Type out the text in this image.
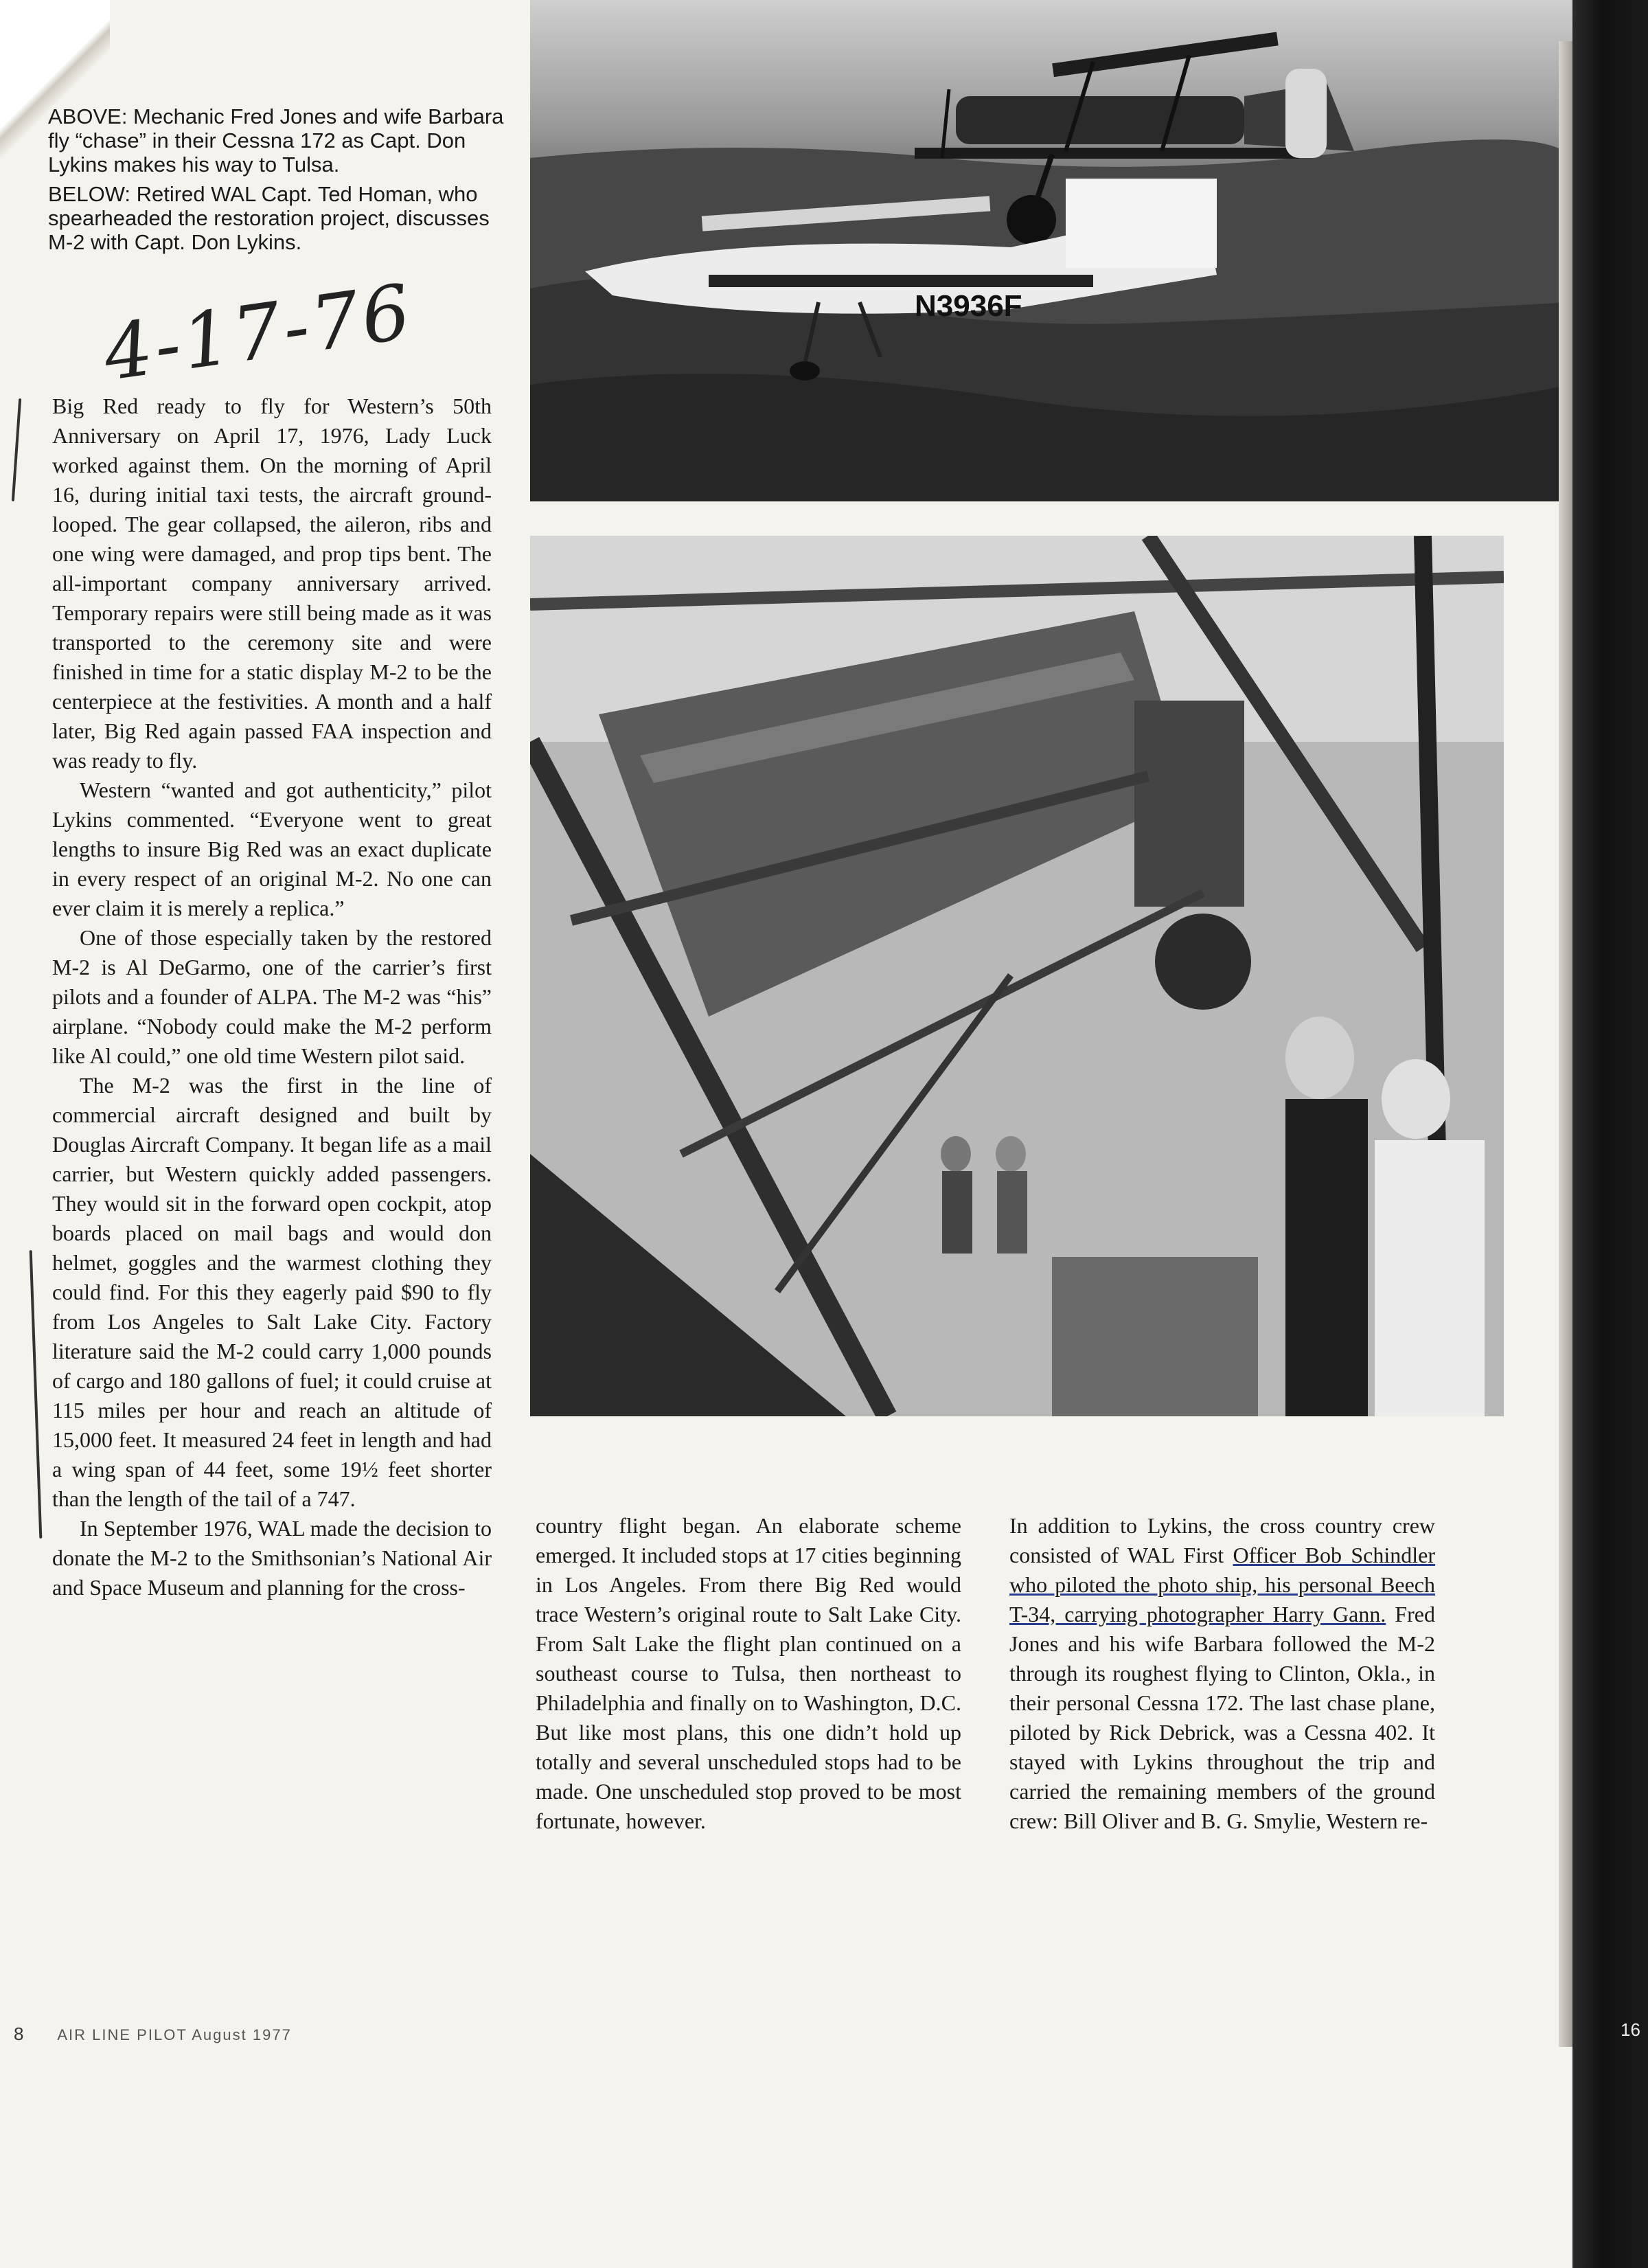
ABOVE: Mechanic Fred Jones and wife Barbara fly “chase” in their Cessna 172 as Capt. Don Lykins makes his way to Tulsa.

BELOW: Retired WAL Capt. Ted Homan, who spearheaded the restoration project, discusses M-2 with Capt. Don Lykins.

4-17-76	N3936F

Big Red ready to fly for Western’s 50th Anniversary on April 17, 1976, Lady Luck worked against them. On the morning of April 16, during initial taxi tests, the aircraft ground-looped. The gear collapsed, the aileron, ribs and one wing were damaged, and prop tips bent. The all-important company anniversary arrived. Temporary repairs were still being made as it was transported to the ceremony site and were finished in time for a static display M-2 to be the centerpiece at the festivities. A month and a half later, Big Red again passed FAA inspection and was ready to fly.

Western “wanted and got authenticity,” pilot Lykins commented. “Everyone went to great lengths to insure Big Red was an exact duplicate in every respect of an original M-2. No one can ever claim it is merely a replica.”

One of those especially taken by the restored M-2 is Al DeGarmo, one of the carrier’s first pilots and a founder of ALPA. The M-2 was “his” airplane. “Nobody could make the M-2 perform like Al could,” one old time Western pilot said.

The M-2 was the first in the line of commercial aircraft designed and built by Douglas Aircraft Company. It began life as a mail carrier, but Western quickly added passengers. They would sit in the forward open cockpit, atop boards placed on mail bags and would don helmet, goggles and the warmest clothing they could find. For this they eagerly paid $90 to fly from Los Angeles to Salt Lake City. Factory literature said the M-2 could carry 1,000 pounds of cargo and 180 gallons of fuel; it could cruise at 115 miles per hour and reach an altitude of 15,000 feet. It measured 24 feet in length and had a wing span of 44 feet, some 19½ feet shorter than the length of the tail of a 747.

In September 1976, WAL made the decision to donate the M-2 to the Smithsonian’s National Air and Space Museum and planning for the cross-

country flight began. An elaborate scheme emerged. It included stops at 17 cities beginning in Los Angeles. From there Big Red would trace Western’s original route to Salt Lake City. From Salt Lake the flight plan continued on a southeast course to Tulsa, then northeast to Philadelphia and finally on to Washington, D.C. But like most plans, this one didn’t hold up totally and several unscheduled stops had to be made. One unscheduled stop proved to be most fortunate, however.

In addition to Lykins, the cross country crew consisted of WAL First Officer Bob Schindler who piloted the photo ship, his personal Beech T-34, carrying photographer Harry Gann. Fred Jones and his wife Barbara followed the M-2 through its roughest flying to Clinton, Okla., in their personal Cessna 172. The last chase plane, piloted by Rick Debrick, was a Cessna 402. It stayed with Lykins throughout the trip and carried the remaining members of the ground crew: Bill Oliver and B. G. Smylie, Western re-

8 AIR LINE PILOT August 1977	16
